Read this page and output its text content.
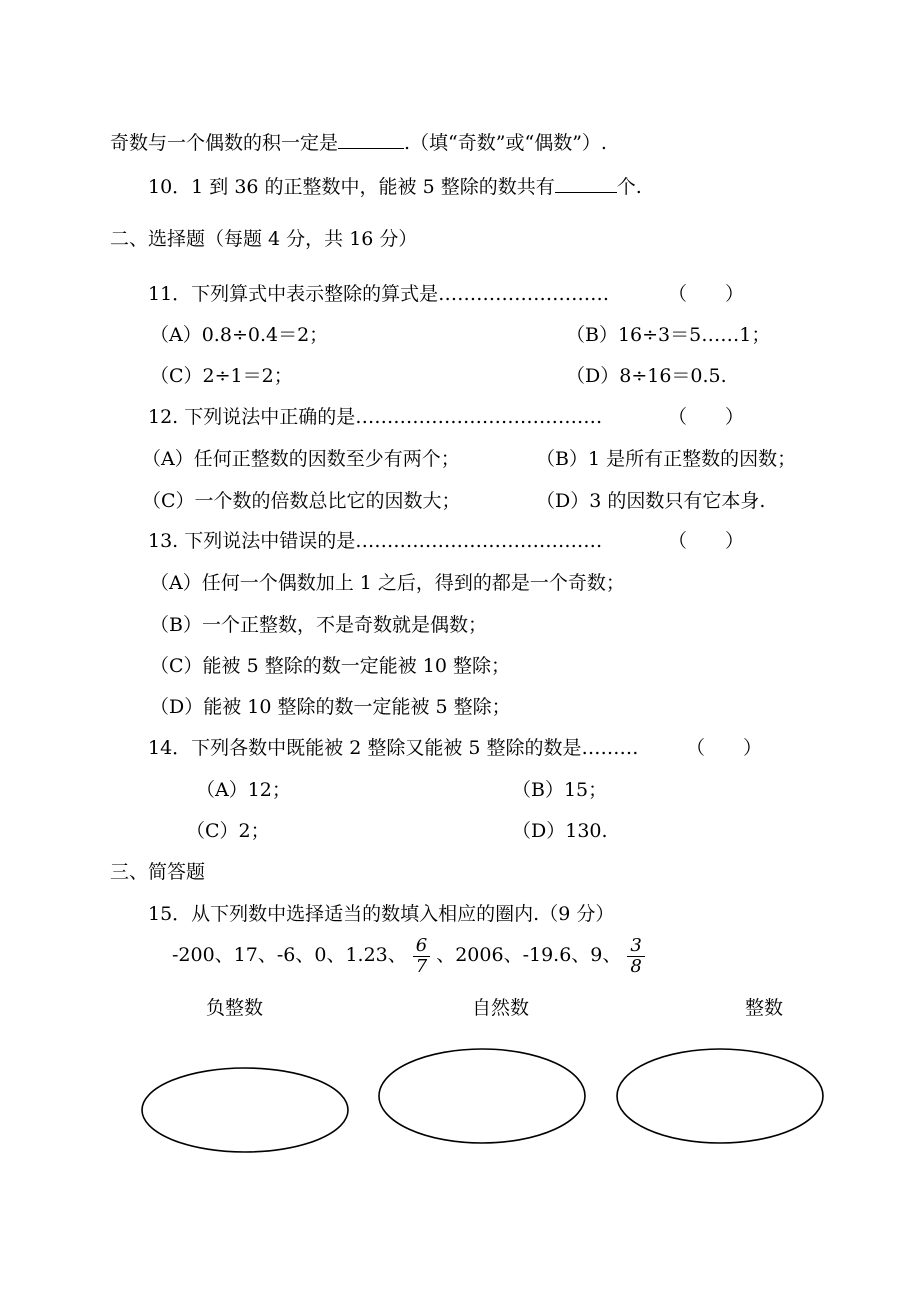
奇数与一个偶数的积一定是	.（填“奇数”或“偶数”）.
10．1 到 36 的正整数中，能被 5 整除的数共有	个.
二、选择题（每题 4 分，共 16 分）
11．下列算式中表示整除的算式是………………………	（　　）
（A）0.8÷0.4＝2；	（B）16÷3＝5……1；
（C）2÷1＝2；	（D）8÷16＝0.5.
12. 下列说法中正确的是…………………………………	（　　）
（A）任何正整数的因数至少有两个；	（B）1 是所有正整数的因数；
（C）一个数的倍数总比它的因数大；	（D）3 的因数只有它本身.
13. 下列说法中错误的是…………………………………	（　　）
（A）任何一个偶数加上 1 之后，得到的都是一个奇数；
（B）一个正整数，不是奇数就是偶数；
（C）能被 5 整除的数一定能被 10 整除；
（D）能被 10 整除的数一定能被 5 整除；
14．下列各数中既能被 2 整除又能被 5 整除的数是……… （　　）
（A）12；	（B）15；
（C）2；	（D）130.
三、简答题
15．从下列数中选择适当的数填入相应的圈内.（9 分）
-200、17、-6、0、1.23、 $\frac{6}{7}$ 、2006、-19.6、9、 $\frac{3}{8}$
负整数	自然数	整数
